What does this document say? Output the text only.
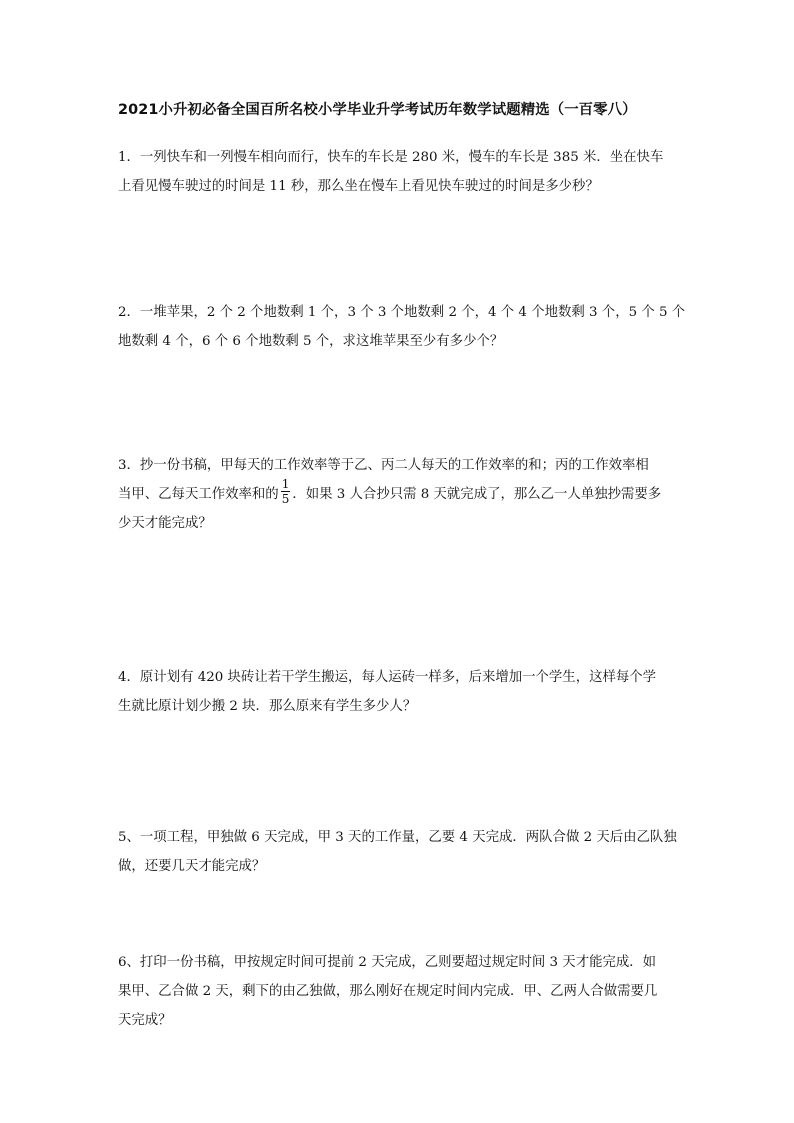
2021小升初必备全国百所名校小学毕业升学考试历年数学试题精选（一百零八）

1．一列快车和一列慢车相向而行，快车的车长是 280 米，慢车的车长是 385 米．坐在快车

上看见慢车驶过的时间是 11 秒，那么坐在慢车上看见快车驶过的时间是多少秒？

2．一堆苹果，2 个 2 个地数剩 1 个，3 个 3 个地数剩 2 个，4 个 4 个地数剩 3 个，5 个 5 个

地数剩 4 个，6 个 6 个地数剩 5 个，求这堆苹果至少有多少个？

3．抄一份书稿，甲每天的工作效率等于乙、丙二人每天的工作效率的和；丙的工作效率相

当甲、乙每天工作效率和的 $\frac{1}{5}$ ．如果 3 人合抄只需 8 天就完成了，那么乙一人单独抄需要多

少天才能完成？

4．原计划有 420 块砖让若干学生搬运，每人运砖一样多，后来增加一个学生，这样每个学

生就比原计划少搬 2 块．那么原来有学生多少人？

5、一项工程，甲独做 6 天完成，甲 3 天的工作量，乙要 4 天完成．两队合做 2 天后由乙队独

做，还要几天才能完成？

6、打印一份书稿，甲按规定时间可提前 2 天完成，乙则要超过规定时间 3 天才能完成．如

果甲、乙合做 2 天，剩下的由乙独做，那么刚好在规定时间内完成．甲、乙两人合做需要几

天完成？
